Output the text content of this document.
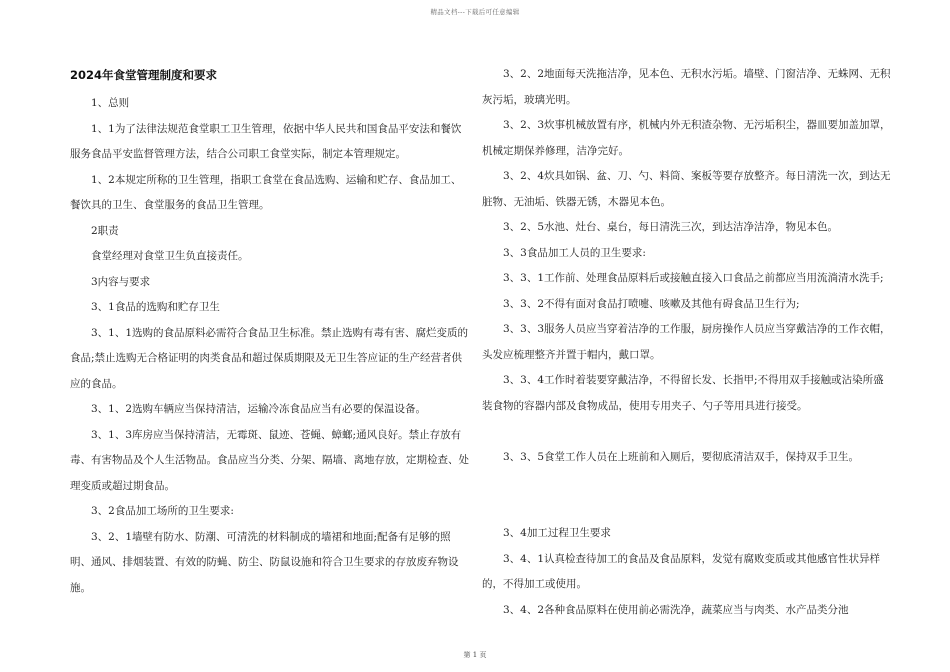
精品文档---下载后可任意编辑
2024年食堂管理制度和要求

1、总则

1、1为了法律法规范食堂职工卫生管理，依据中华人民共和国食品平安法和餐饮服务食品平安监督管理方法，结合公司职工食堂实际，制定本管理规定。

1、2本规定所称的卫生管理，指职工食堂在食品选购、运输和贮存、食品加工、餐饮具的卫生、食堂服务的食品卫生管理。

2职责

食堂经理对食堂卫生负直接责任。

3内容与要求

3、1食品的选购和贮存卫生

3、1、1选购的食品原料必需符合食品卫生标准。禁止选购有毒有害、腐烂变质的食品;禁止选购无合格证明的肉类食品和超过保质期限及无卫生答应证的生产经营者供应的食品。

3、1、2选购车辆应当保持清洁，运输冷冻食品应当有必要的保温设备。

3、1、3库房应当保持清洁，无霉斑、鼠迹、苍蝇、蟑螂;通风良好。禁止存放有毒、有害物品及个人生活物品。食品应当分类、分架、隔墙、离地存放，定期检查、处理变质或超过期食品。

3、2食品加工场所的卫生要求:

3、2、1墙壁有防水、防潮、可清洗的材料制成的墙裙和地面;配备有足够的照明、通风、排烟装置、有效的防蝇、防尘、防鼠设施和符合卫生要求的存放废弃物设施。

3、2、2地面每天洗拖洁净，见本色、无积水污垢。墙壁、门窗洁净、无蛛网、无积灰污垢，玻璃光明。

3、2、3炊事机械放置有序，机械内外无积渣杂物、无污垢积尘，器皿要加盖加罩，机械定期保养修理，洁净完好。

3、2、4炊具如锅、盆、刀、勺、料筒、案板等要存放整齐。每日清洗一次，到达无脏物、无油垢、铁器无锈，木器见本色。

3、2、5水池、灶台、桌台，每日清洗三次，到达洁净洁净，物见本色。

3、3食品加工人员的卫生要求:

3、3、1工作前、处理食品原料后或接触直接入口食品之前都应当用流淌清水洗手;

3、3、2不得有面对食品打喷嚏、咳嗽及其他有碍食品卫生行为;

3、3、3服务人员应当穿着洁净的工作服，厨房操作人员应当穿戴洁净的工作衣帽，头发应梳理整齐并置于帽内，戴口罩。

3、3、4工作时着装要穿戴洁净，不得留长发、长指甲;不得用双手接触或沾染所盛装食物的容器内部及食物成品，使用专用夹子、勺子等用具进行接受。

3、3、5食堂工作人员在上班前和入厕后，要彻底清洁双手，保持双手卫生。

3、4加工过程卫生要求

3、4、1认真检查待加工的食品及食品原料，发觉有腐败变质或其他感官性状异样的，不得加工或使用。

3、4、2各种食品原料在使用前必需洗净，蔬菜应当与肉类、水产品类分池

第 1 页
